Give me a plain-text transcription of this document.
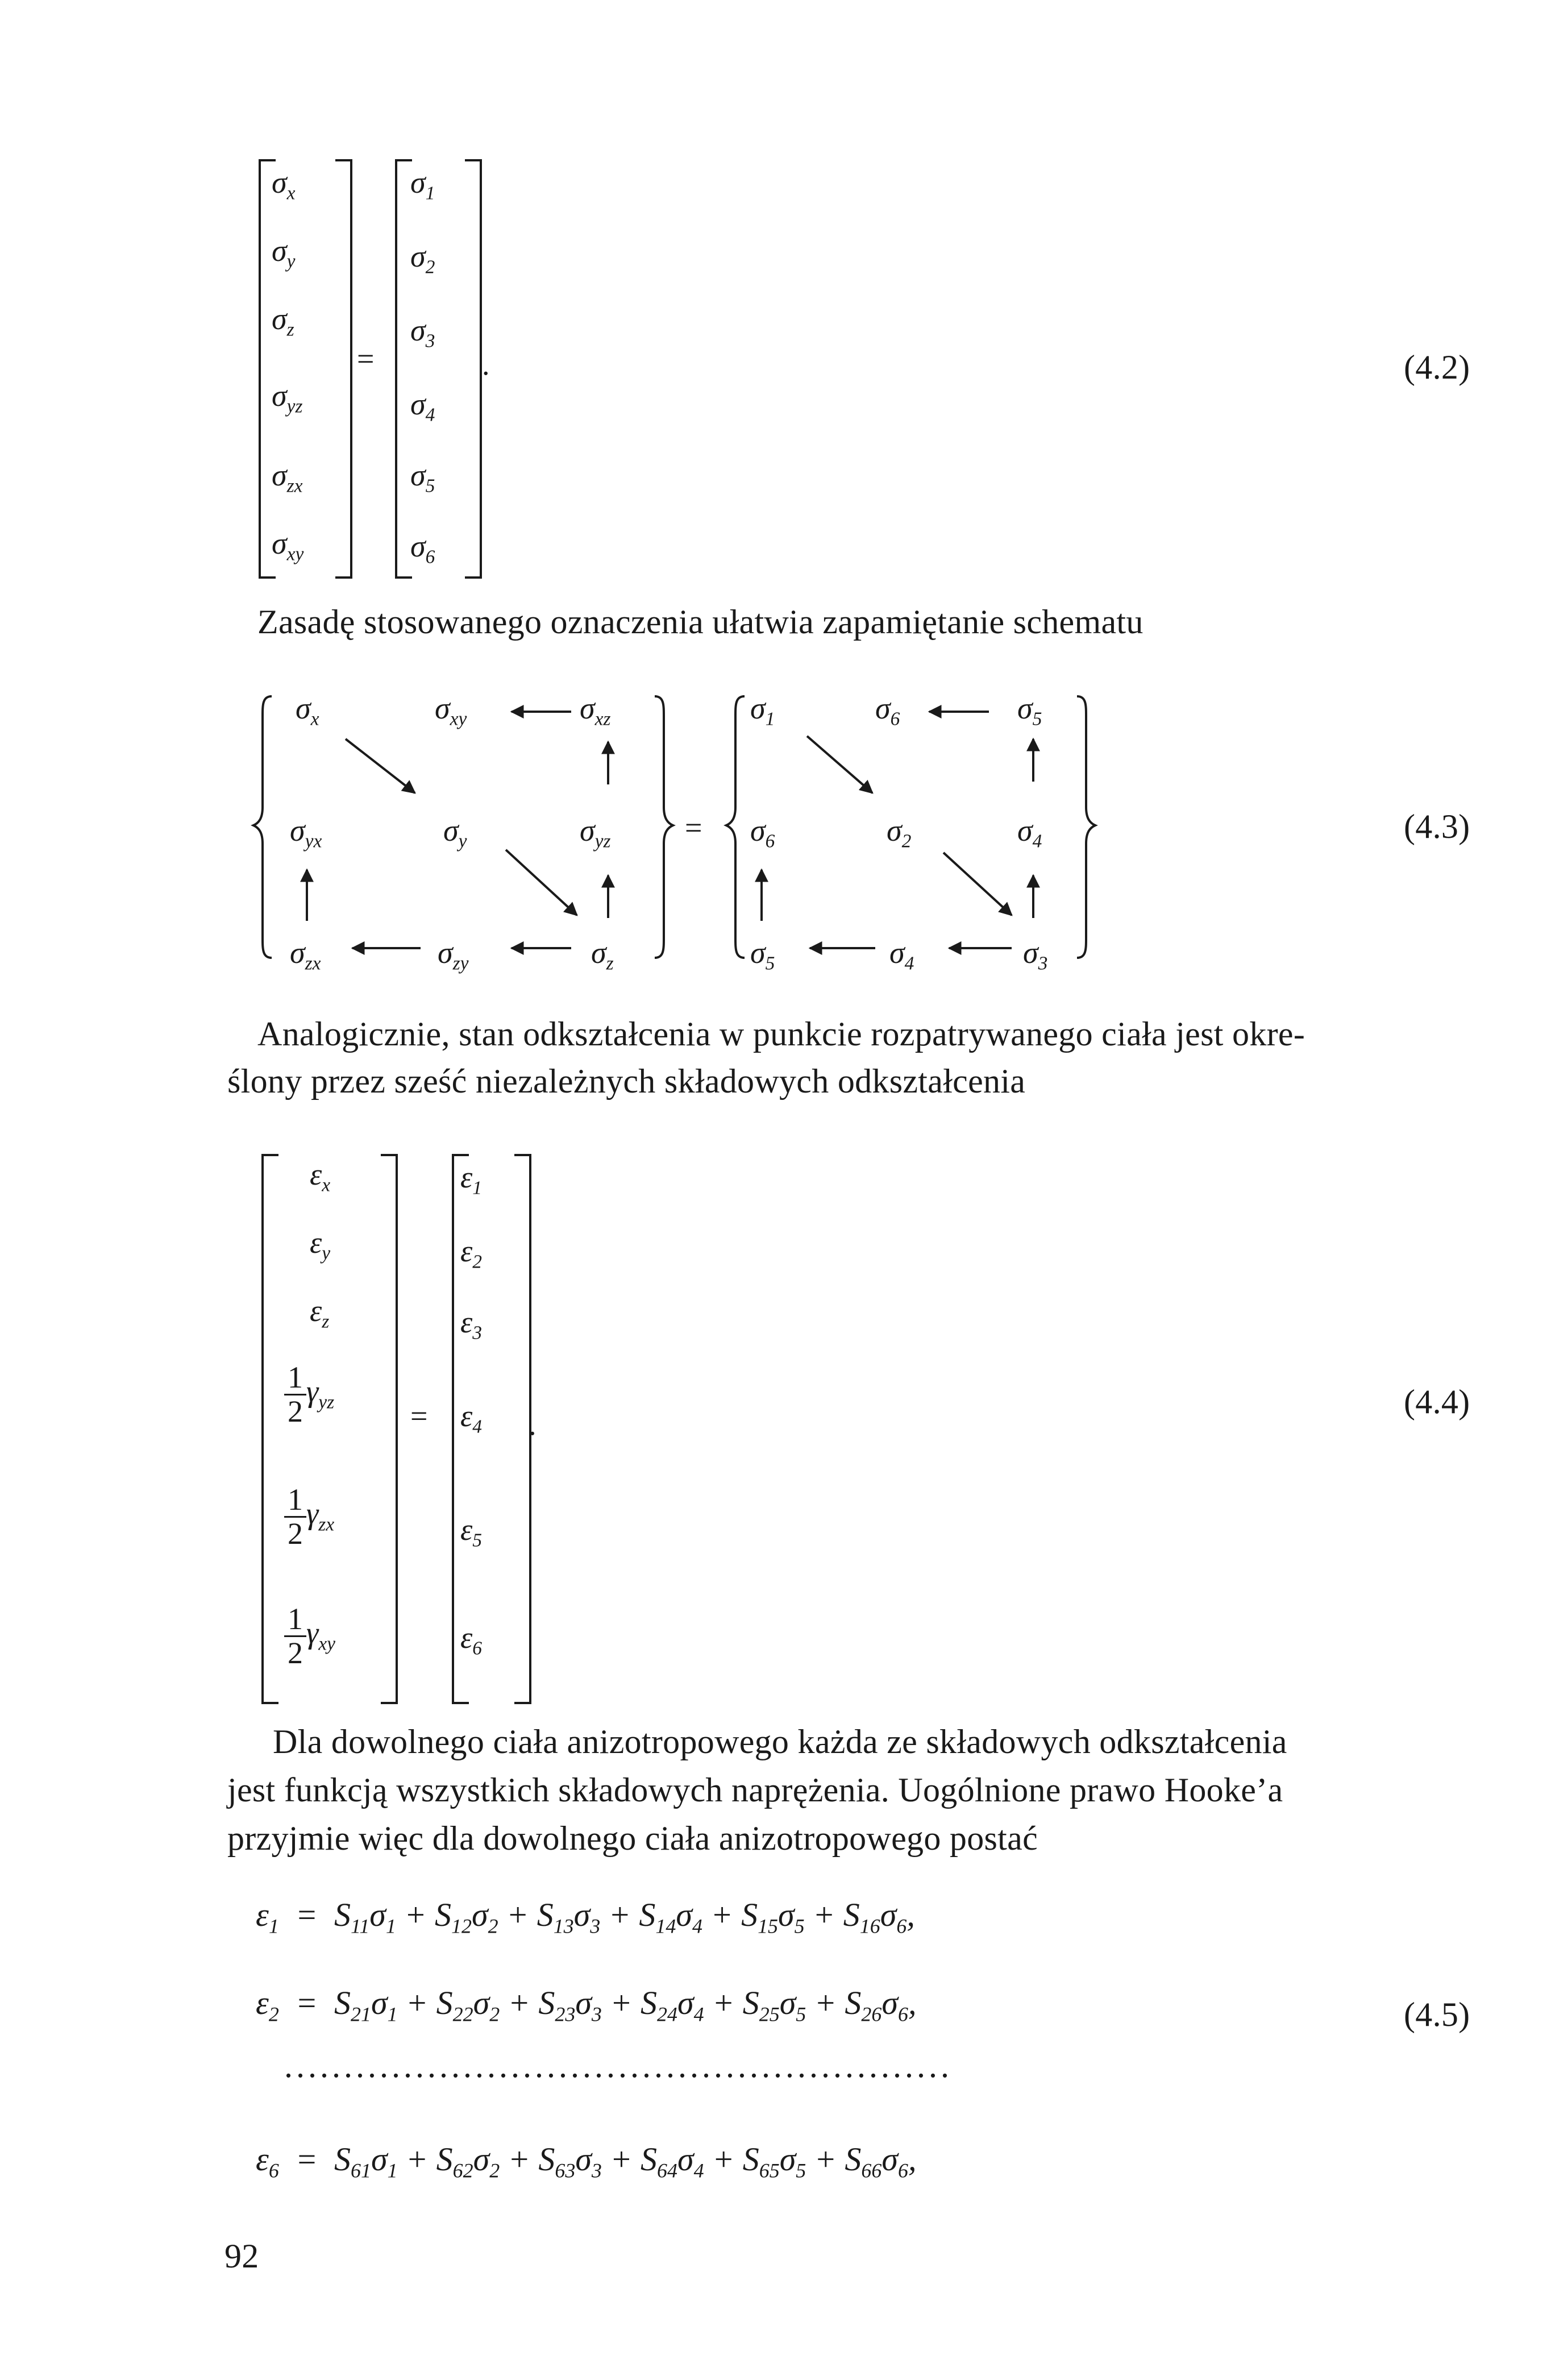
$\sigma_x$
$\sigma_y$
$\sigma_z$
$\sigma_{yz}$
$\sigma_{zx}$
$\sigma_{xy}$
=
$\sigma_1$
$\sigma_2$
$\sigma_3$
$\sigma_4$
$\sigma_5$
$\sigma_6$
.	(4.2)
Zasadę stosowanego oznaczenia ułatwia zapamiętanie schematu
$\sigma_x$	$\sigma_{xy}$	$\sigma_{xz}$
$\sigma_{yx}$	$\sigma_y$	$\sigma_{yz}$
$\sigma_{zx}$	$\sigma_{zy}$	$\sigma_z$
=
$\sigma_1$	$\sigma_6$	$\sigma_5$
$\sigma_6$	$\sigma_2$	$\sigma_4$
$\sigma_5$	$\sigma_4$	$\sigma_3$
(4.3)
Analogicznie, stan odkształcenia w punkcie rozpatrywanego ciała jest okre-
ślony przez sześć niezależnych składowych odkształcenia
$\varepsilon_x$
$\varepsilon_y$
$\varepsilon_z$
$\frac{1}{2} \gamma_{yz}$
$\frac{1}{2} \gamma_{zx}$
$\frac{1}{2} \gamma_{xy}$
=
$\varepsilon_1$
$\varepsilon_2$
$\varepsilon_3$
$\varepsilon_4$
$\varepsilon_5$
$\varepsilon_6$
.
(4.4)
Dla dowolnego ciała anizotropowego każda ze składowych odkształcenia
jest funkcją wszystkich składowych naprężenia. Uogólnione prawo Hooke’a
przyjmie więc dla dowolnego ciała anizotropowego postać
$\varepsilon_1 = S_{11}\sigma_1 + S_{12}\sigma_2 + S_{13}\sigma_3 + S_{14}\sigma_4 + S_{15}\sigma_5 + S_{16}\sigma_6$,
$\varepsilon_2 = S_{21}\sigma_1 + S_{22}\sigma_2 + S_{23}\sigma_3 + S_{24}\sigma_4 + S_{25}\sigma_5 + S_{26}\sigma_6$,
........................................................
$\varepsilon_6 = S_{61}\sigma_1 + S_{62}\sigma_2 + S_{63}\sigma_3 + S_{64}\sigma_4 + S_{65}\sigma_5 + S_{66}\sigma_6$,
(4.5)
92
